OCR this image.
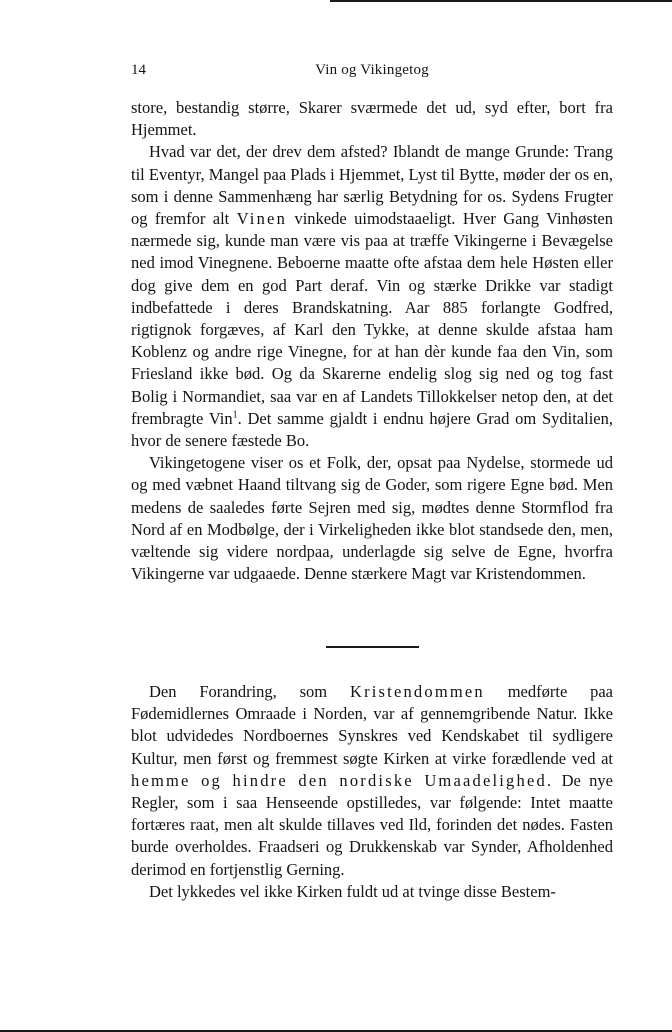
14	Vin og Vikingetog

store, bestandig større, Skarer sværmede det ud, syd efter, bort fra Hjemmet.

Hvad var det, der drev dem afsted? Iblandt de mange Grunde: Trang til Eventyr, Mangel paa Plads i Hjemmet, Lyst til Bytte, møder der os en, som i denne Sammenhæng har særlig Betydning for os. Sydens Frugter og fremfor alt Vinen vinkede uimodstaaeligt. Hver Gang Vinhøsten nærmede sig, kunde man være vis paa at træffe Vikingerne i Bevægelse ned imod Vinegnene. Beboerne maatte ofte afstaa dem hele Høsten eller dog give dem en god Part deraf. Vin og stærke Drikke var stadigt indbefattede i deres Brandskatning. Aar 885 forlangte Godfred, rigtignok forgæves, af Karl den Tykke, at denne skulde afstaa ham Koblenz og andre rige Vinegne, for at han dèr kunde faa den Vin, som Friesland ikke bød. Og da Skarerne endelig slog sig ned og tog fast Bolig i Normandiet, saa var en af Landets Tillokkelser netop den, at det frembragte Vin$^1$. Det samme gjaldt i endnu højere Grad om Syditalien, hvor de senere fæstede Bo.

Vikingetogene viser os et Folk, der, opsat paa Nydelse, stormede ud og med væbnet Haand tiltvang sig de Goder, som rigere Egne bød. Men medens de saaledes førte Sejren med sig, mødtes denne Stormflod fra Nord af en Modbølge, der i Virkeligheden ikke blot standsede den, men, væltende sig videre nordpaa, underlagde sig selve de Egne, hvorfra Vikingerne var udgaaede. Denne stærkere Magt var Kristendommen.

Den Forandring, som Kristendommen medførte paa Fødemidlernes Omraade i Norden, var af gennemgribende Natur. Ikke blot udvidedes Nordboernes Synskres ved Kendskabet til sydligere Kultur, men først og fremmest søgte Kirken at virke forædlende ved at hemme og hindre den nordiske Umaadelighed. De nye Regler, som i saa Henseende opstilledes, var følgende: Intet maatte fortæres raat, men alt skulde tillaves ved Ild, forinden det nødes. Fasten burde overholdes. Fraadseri og Drukkenskab var Synder, Afholdenhed derimod en fortjenstlig Gerning.

Det lykkedes vel ikke Kirken fuldt ud at tvinge disse Bestem-
